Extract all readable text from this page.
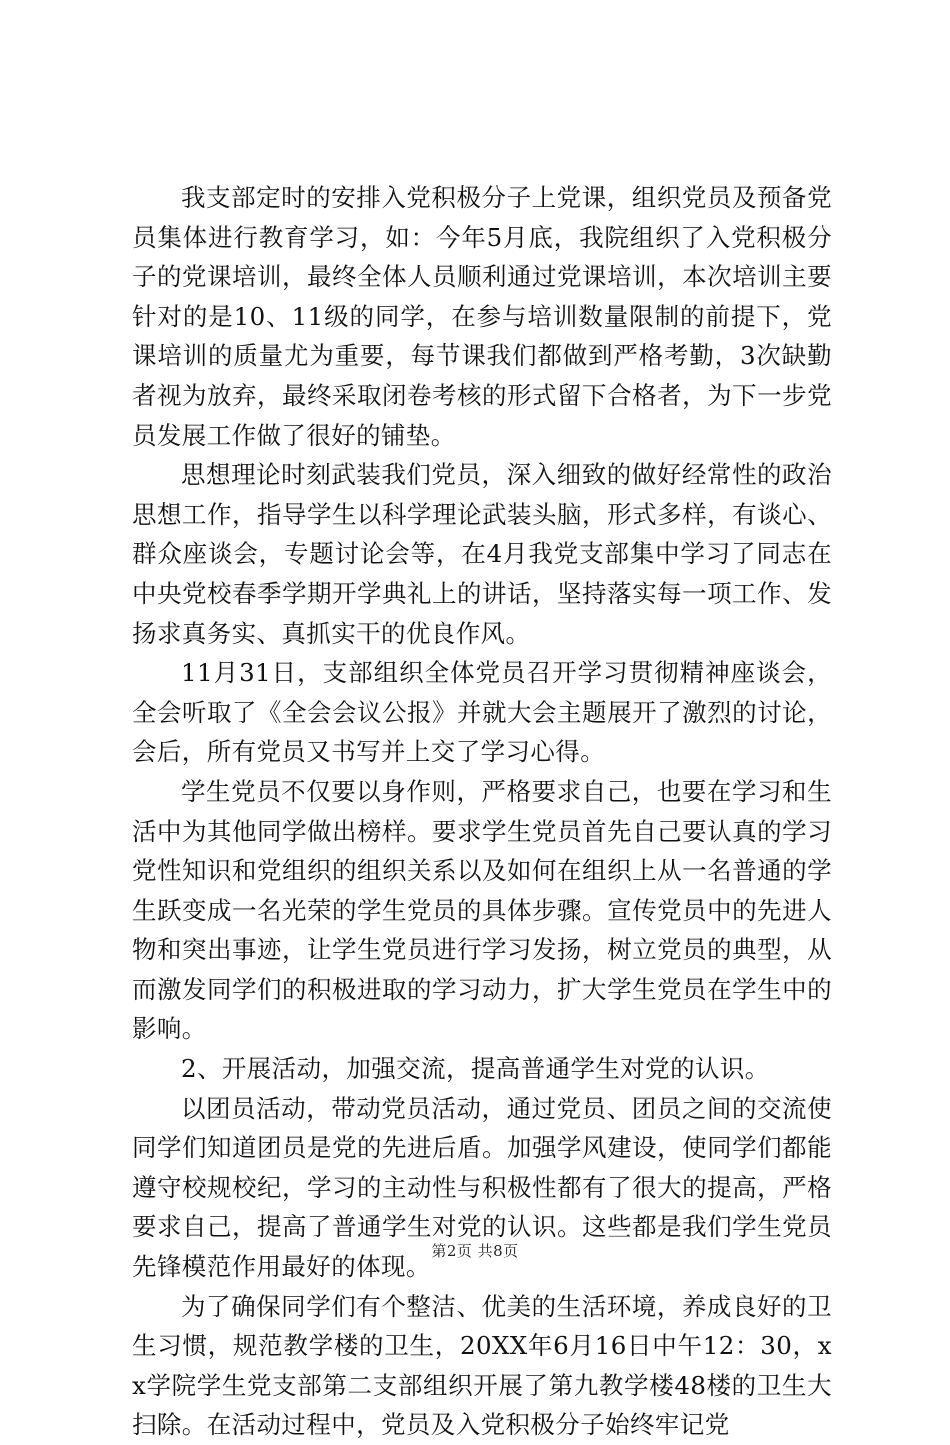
我支部定时的安排入党积极分子上党课，组织党员及预备党员集体进行教育学习，如：今年5月底，我院组织了入党积极分子的党课培训，最终全体人员顺利通过党课培训，本次培训主要针对的是10、11级的同学，在参与培训数量限制的前提下，党课培训的质量尤为重要，每节课我们都做到严格考勤，3次缺勤者视为放弃，最终采取闭卷考核的形式留下合格者，为下一步党员发展工作做了很好的铺垫。

思想理论时刻武装我们党员，深入细致的做好经常性的政治思想工作，指导学生以科学理论武装头脑，形式多样，有谈心、群众座谈会，专题讨论会等，在4月我党支部集中学习了同志在中央党校春季学期开学典礼上的讲话，坚持落实每一项工作、发扬求真务实、真抓实干的优良作风。

11月31日，支部组织全体党员召开学习贯彻精神座谈会，全会听取了《全会会议公报》并就大会主题展开了激烈的讨论，会后，所有党员又书写并上交了学习心得。

学生党员不仅要以身作则，严格要求自己，也要在学习和生活中为其他同学做出榜样。要求学生党员首先自己要认真的学习党性知识和党组织的组织关系以及如何在组织上从一名普通的学生跃变成一名光荣的学生党员的具体步骤。宣传党员中的先进人物和突出事迹，让学生党员进行学习发扬，树立党员的典型，从而激发同学们的积极进取的学习动力，扩大学生党员在学生中的影响。

2、开展活动，加强交流，提高普通学生对党的认识。

以团员活动，带动党员活动，通过党员、团员之间的交流使同学们知道团员是党的先进后盾。加强学风建设，使同学们都能遵守校规校纪，学习的主动性与积极性都有了很大的提高，严格要求自己，提高了普通学生对党的认识。这些都是我们学生党员先锋模范作用最好的体现。

为了确保同学们有个整洁、优美的生活环境，养成良好的卫生习惯，规范教学楼的卫生，20XX年6月16日中午12：30，xx学院学生党支部第二支部组织开展了第九教学楼48楼的卫生大扫除。在活动过程中，党员及入党积极分子始终牢记党

第2页 共8页
